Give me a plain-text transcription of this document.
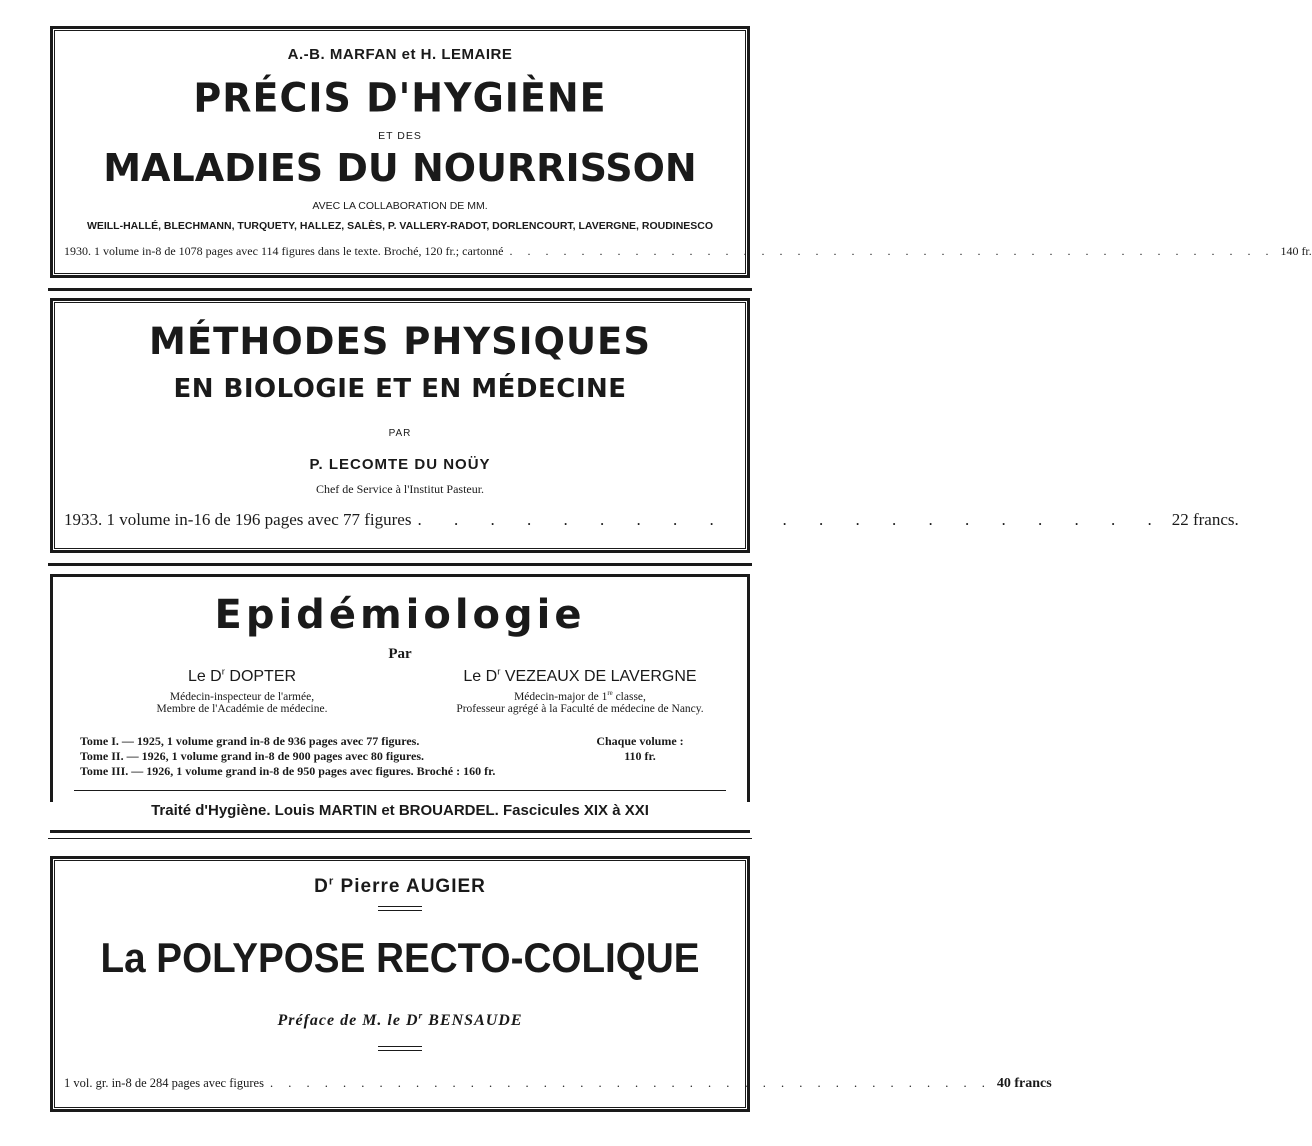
A.-B. MARFAN et H. LEMAIRE
PRÉCIS D'HYGIÈNE
ET DES
MALADIES DU NOURRISSON
AVEC LA COLLABORATION DE MM.
WEILL-HALLÉ, BLECHMANN, TURQUETY, HALLEZ, SALÈS, P. VALLERY-RADOT, DORLENCOURT, LAVERGNE, ROUDINESCO
1930. 1 volume in-8 de 1078 pages avec 114 figures dans le texte. Broché, 120 fr.; cartonné . . . . . . . . . . . . . . . . . . . . . . . . . . . . . . . . . . . . . . . . . . . 140 fr.
MÉTHODES PHYSIQUES
EN BIOLOGIE ET EN MÉDECINE
PAR
P. LECOMTE DU NOÜY
Chef de Service à l'Institut Pasteur.
1933. 1 volume in-16 de 196 pages avec 77 figures . . . . . . . . . . . . . . . . . . . . . 22 francs.
Epidémiologie
Par
Le $D^r$ DOPTER
Médecin-inspecteur de l'armée,
Membre de l'Académie de médecine.
Le $D^r$ VEZEAUX DE LAVERGNE
Médecin-major de 1re classe,
Professeur agrégé à la Faculté de médecine de Nancy.
Tome I. — 1925, 1 volume grand in-8 de 936 pages avec 77 figures.
Tome II. — 1926, 1 volume grand in-8 de 900 pages avec 80 figures.
Tome III. — 1926, 1 volume grand in-8 de 950 pages avec figures. Broché : 160 fr.
Chaque volume :
110 fr.
Traité d'Hygiène. Louis MARTIN et BROUARDEL. Fascicules XIX à XXI
$D^r$ Pierre AUGIER
La POLYPOSE RECTO-COLIQUE
Préface de M. le $D^r$ BENSAUDE
1 vol. gr. in-8 de 284 pages avec figures . . . . . . . . . . . . . . . . . . . . . . . . . . . . . . . . . . . . . . . . 40 francs
